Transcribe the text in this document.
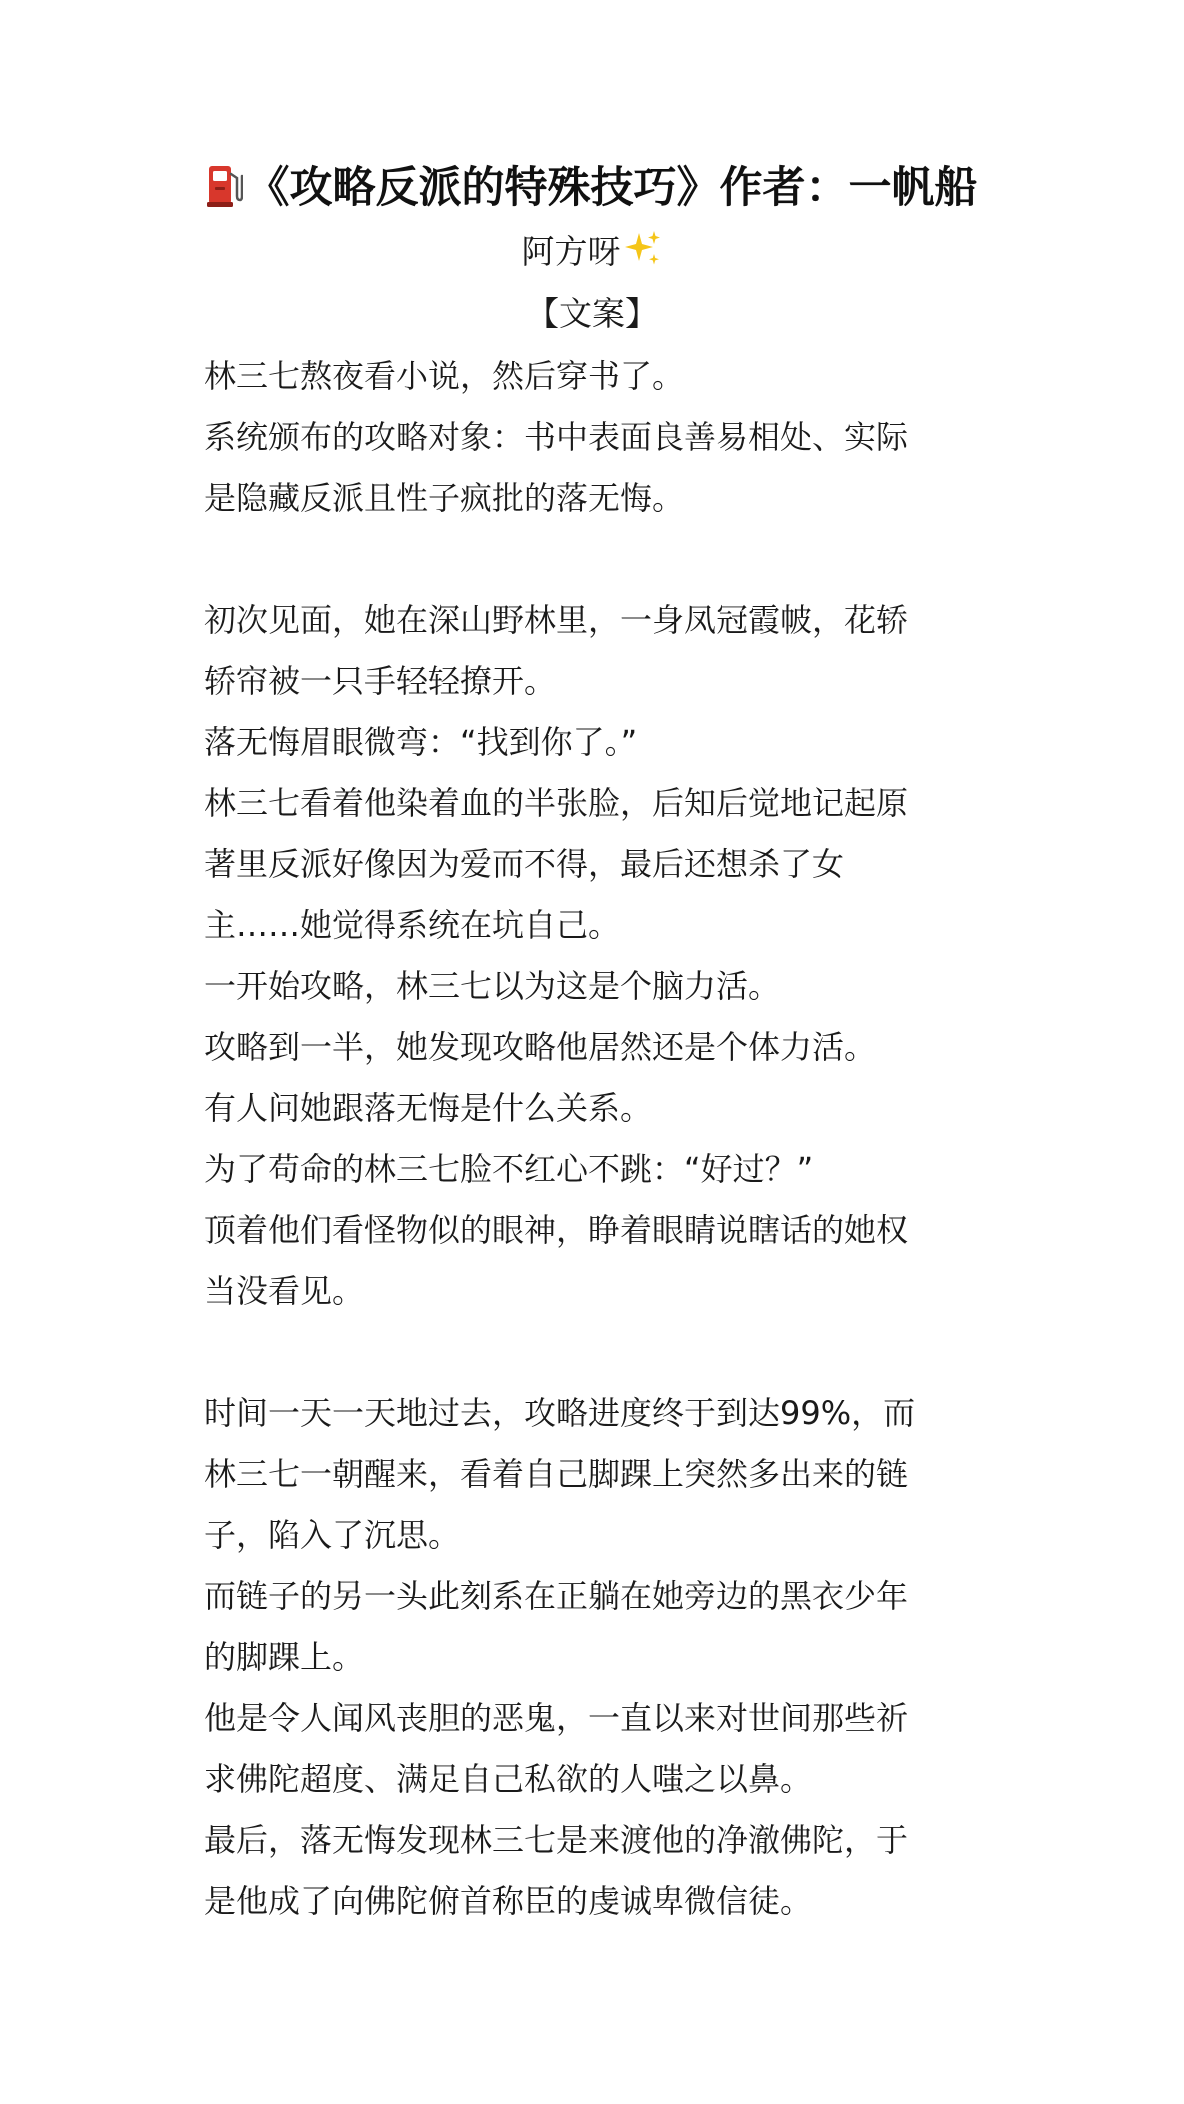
《攻略反派的特殊技巧》作者：一帆船
阿方呀
【文案】
林三七熬夜看小说，然后穿书了。
系统颁布的攻略对象：书中表面良善易相处、实际
是隐藏反派且性子疯批的落无悔。
初次见面，她在深山野林里，一身凤冠霞帔，花轿
轿帘被一只手轻轻撩开。
落无悔眉眼微弯：“找到你了。”
林三七看着他染着血的半张脸，后知后觉地记起原
著里反派好像因为爱而不得，最后还想杀了女
主……她觉得系统在坑自己。
一开始攻略，林三七以为这是个脑力活。
攻略到一半，她发现攻略他居然还是个体力活。
有人问她跟落无悔是什么关系。
为了苟命的林三七脸不红心不跳：“好过？”
顶着他们看怪物似的眼神，睁着眼睛说瞎话的她权
当没看见。
时间一天一天地过去，攻略进度终于到达99%，而
林三七一朝醒来，看着自己脚踝上突然多出来的链
子，陷入了沉思。
而链子的另一头此刻系在正躺在她旁边的黑衣少年
的脚踝上。
他是令人闻风丧胆的恶鬼，一直以来对世间那些祈
求佛陀超度、满足自己私欲的人嗤之以鼻。
最后，落无悔发现林三七是来渡他的净澈佛陀，于
是他成了向佛陀俯首称臣的虔诚卑微信徒。
